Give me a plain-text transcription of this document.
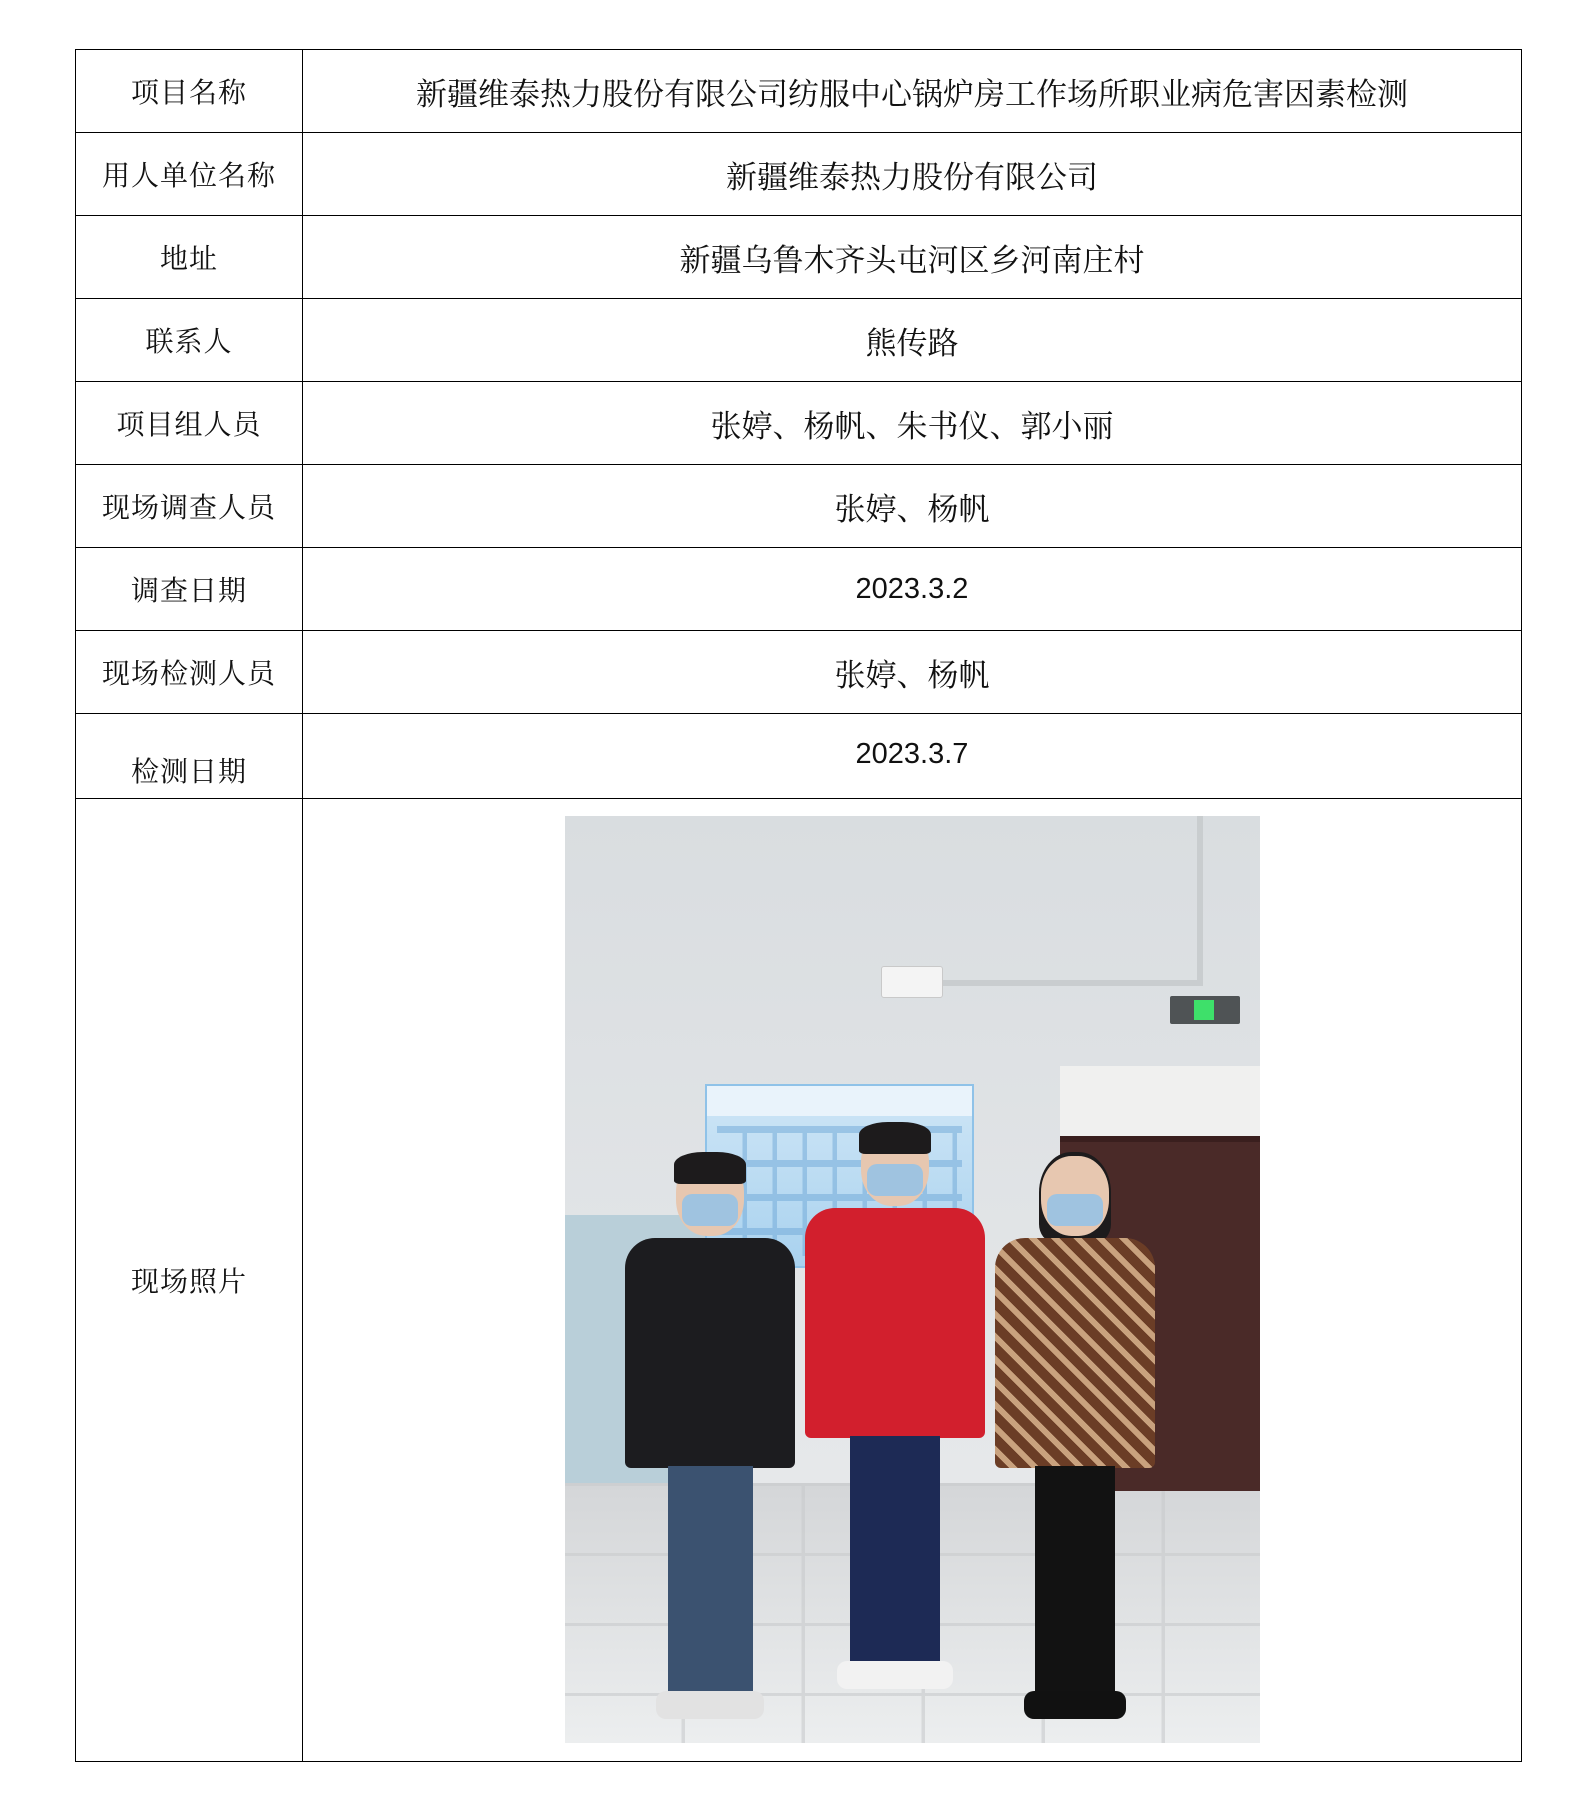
项目名称	新疆维泰热力股份有限公司纺服中心锅炉房工作场所职业病危害因素检测
用人单位名称	新疆维泰热力股份有限公司
地址	新疆乌鲁木齐头屯河区乡河南庄村
联系人	熊传路
项目组人员	张婷、杨帆、朱书仪、郭小丽
现场调查人员	张婷、杨帆
调查日期	2023.3.2
现场检测人员	张婷、杨帆
检测日期	2023.3.7
现场照片	
